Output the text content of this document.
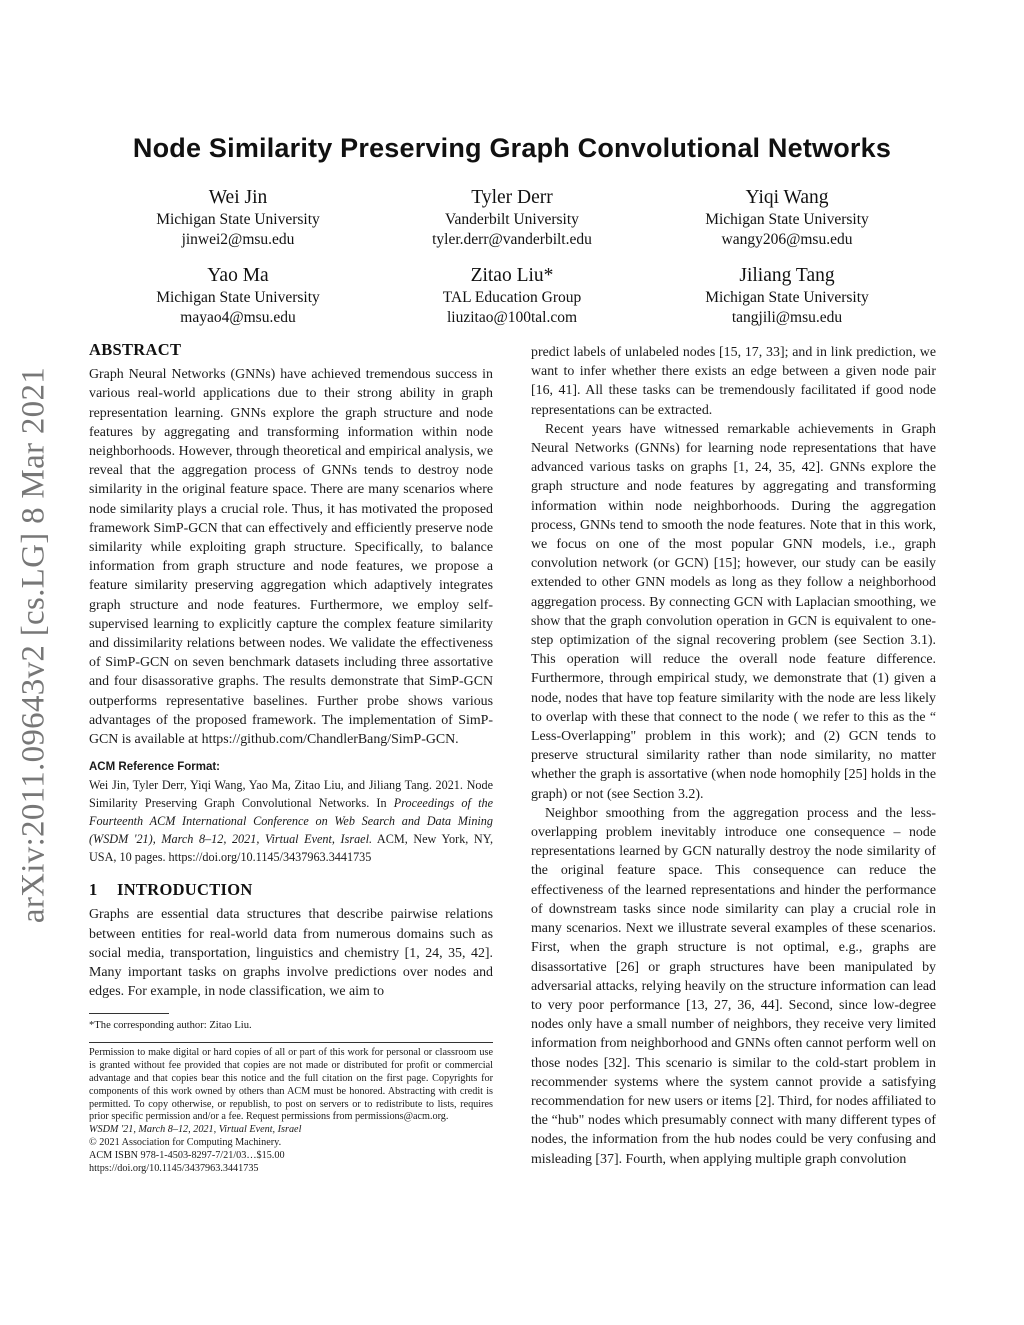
arXiv:2011.09643v2 [cs.LG] 8 Mar 2021
Node Similarity Preserving Graph Convolutional Networks
Wei Jin
Michigan State University
jinwei2@msu.edu
Tyler Derr
Vanderbilt University
tyler.derr@vanderbilt.edu
Yiqi Wang
Michigan State University
wangy206@msu.edu
Yao Ma
Michigan State University
mayao4@msu.edu
Zitao Liu*
TAL Education Group
liuzitao@100tal.com
Jiliang Tang
Michigan State University
tangjili@msu.edu
ABSTRACT

Graph Neural Networks (GNNs) have achieved tremendous success in various real-world applications due to their strong ability in graph representation learning. GNNs explore the graph structure and node features by aggregating and transforming information within node neighborhoods. However, through theoretical and empirical analysis, we reveal that the aggregation process of GNNs tends to destroy node similarity in the original feature space. There are many scenarios where node similarity plays a crucial role. Thus, it has motivated the proposed framework SimP-GCN that can effectively and efficiently preserve node similarity while exploiting graph structure. Specifically, to balance information from graph structure and node features, we propose a feature similarity preserving aggregation which adaptively integrates graph structure and node features. Furthermore, we employ self-supervised learning to explicitly capture the complex feature similarity and dissimilarity relations between nodes. We validate the effectiveness of SimP-GCN on seven benchmark datasets including three assortative and four disassorative graphs. The results demonstrate that SimP-GCN outperforms representative baselines. Further probe shows various advantages of the proposed framework. The implementation of SimP-GCN is available at https://github.com/ChandlerBang/SimP-GCN.

ACM Reference Format:
Wei Jin, Tyler Derr, Yiqi Wang, Yao Ma, Zitao Liu, and Jiliang Tang. 2021. Node Similarity Preserving Graph Convolutional Networks. In Proceedings of the Fourteenth ACM International Conference on Web Search and Data Mining (WSDM '21), March 8–12, 2021, Virtual Event, Israel. ACM, New York, NY, USA, 10 pages. https://doi.org/10.1145/3437963.3441735
1 INTRODUCTION

Graphs are essential data structures that describe pairwise relations between entities for real-world data from numerous domains such as social media, transportation, linguistics and chemistry [1, 24, 35, 42]. Many important tasks on graphs involve predictions over nodes and edges. For example, in node classification, we aim to

*The corresponding author: Zitao Liu.

Permission to make digital or hard copies of all or part of this work for personal or classroom use is granted without fee provided that copies are not made or distributed for profit or commercial advantage and that copies bear this notice and the full citation on the first page. Copyrights for components of this work owned by others than ACM must be honored. Abstracting with credit is permitted. To copy otherwise, or republish, to post on servers or to redistribute to lists, requires prior specific permission and/or a fee. Request permissions from permissions@acm.org.

WSDM '21, March 8–12, 2021, Virtual Event, Israel

© 2021 Association for Computing Machinery.

ACM ISBN 978-1-4503-8297-7/21/03…$15.00

https://doi.org/10.1145/3437963.3441735

predict labels of unlabeled nodes [15, 17, 33]; and in link prediction, we want to infer whether there exists an edge between a given node pair [16, 41]. All these tasks can be tremendously facilitated if good node representations can be extracted.

Recent years have witnessed remarkable achievements in Graph Neural Networks (GNNs) for learning node representations that have advanced various tasks on graphs [1, 24, 35, 42]. GNNs explore the graph structure and node features by aggregating and transforming information within node neighborhoods. During the aggregation process, GNNs tend to smooth the node features. Note that in this work, we focus on one of the most popular GNN models, i.e., graph convolution network (or GCN) [15]; however, our study can be easily extended to other GNN models as long as they follow a neighborhood aggregation process. By connecting GCN with Laplacian smoothing, we show that the graph convolution operation in GCN is equivalent to one-step optimization of the signal recovering problem (see Section 3.1). This operation will reduce the overall node feature difference. Furthermore, through empirical study, we demonstrate that (1) given a node, nodes that have top feature similarity with the node are less likely to overlap with these that connect to the node ( we refer to this as the “ Less-Overlapping" problem in this work); and (2) GCN tends to preserve structural similarity rather than node similarity, no matter whether the graph is assortative (when node homophily [25] holds in the graph) or not (see Section 3.2).

Neighbor smoothing from the aggregation process and the less-overlapping problem inevitably introduce one consequence – node representations learned by GCN naturally destroy the node similarity of the original feature space. This consequence can reduce the effectiveness of the learned representations and hinder the performance of downstream tasks since node similarity can play a crucial role in many scenarios. Next we illustrate several examples of these scenarios. First, when the graph structure is not optimal, e.g., graphs are disassortative [26] or graph structures have been manipulated by adversarial attacks, relying heavily on the structure information can lead to very poor performance [13, 27, 36, 44]. Second, since low-degree nodes only have a small number of neighbors, they receive very limited information from neighborhood and GNNs often cannot perform well on those nodes [32]. This scenario is similar to the cold-start problem in recommender systems where the system cannot provide a satisfying recommendation for new users or items [2]. Third, for nodes affiliated to the “hub" nodes which presumably connect with many different types of nodes, the information from the hub nodes could be very confusing and misleading [37]. Fourth, when applying multiple graph convolution
